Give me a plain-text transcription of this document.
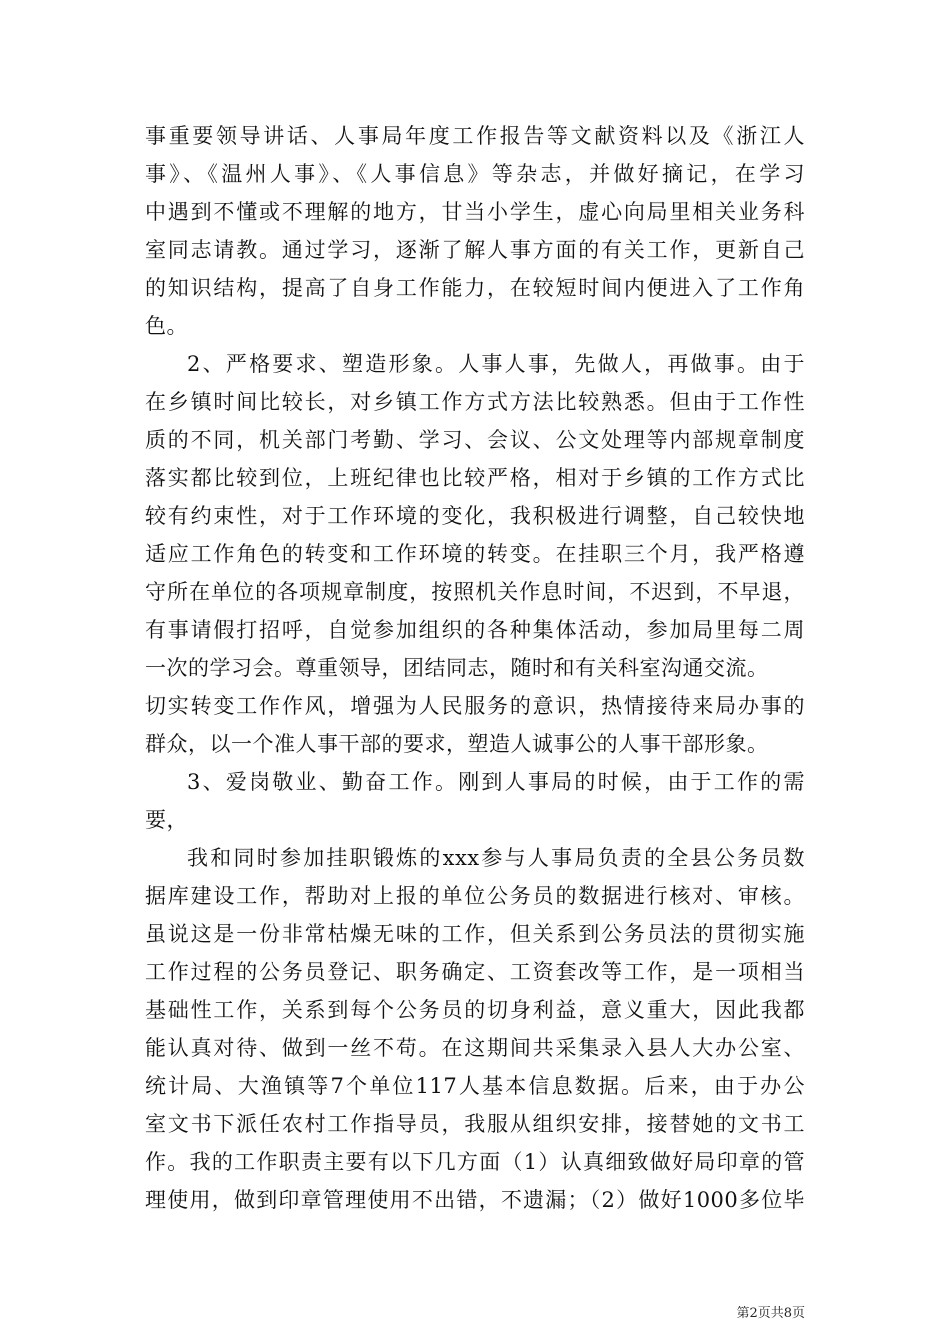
事重要领导讲话、人事局年度工作报告等文献资料以及《浙江人
事》、《温州人事》、《人事信息》等杂志，并做好摘记，在学习
中遇到不懂或不理解的地方，甘当小学生，虚心向局里相关业务科
室同志请教。通过学习，逐渐了解人事方面的有关工作，更新自己
的知识结构，提高了自身工作能力，在较短时间内便进入了工作角
色。
2、严格要求、塑造形象。人事人事，先做人，再做事。由于
在乡镇时间比较长，对乡镇工作方式方法比较熟悉。但由于工作性
质的不同，机关部门考勤、学习、会议、公文处理等内部规章制度
落实都比较到位，上班纪律也比较严格，相对于乡镇的工作方式比
较有约束性，对于工作环境的变化，我积极进行调整，自己较快地
适应工作角色的转变和工作环境的转变。在挂职三个月，我严格遵
守所在单位的各项规章制度，按照机关作息时间，不迟到，不早退，
有事请假打招呼，自觉参加组织的各种集体活动，参加局里每二周
一次的学习会。尊重领导，团结同志，随时和有关科室沟通交流。
切实转变工作作风，增强为人民服务的意识，热情接待来局办事的
群众，以一个准人事干部的要求，塑造人诚事公的人事干部形象。
3、爱岗敬业、勤奋工作。刚到人事局的时候，由于工作的需
要，
我和同时参加挂职锻炼的xxx参与人事局负责的全县公务员数
据库建设工作，帮助对上报的单位公务员的数据进行核对、审核。
虽说这是一份非常枯燥无味的工作，但关系到公务员法的贯彻实施
工作过程的公务员登记、职务确定、工资套改等工作，是一项相当
基础性工作，关系到每个公务员的切身利益，意义重大，因此我都
能认真对待、做到一丝不苟。在这期间共采集录入县人大办公室、
统计局、大渔镇等7个单位117人基本信息数据。后来，由于办公
室文书下派任农村工作指导员，我服从组织安排，接替她的文书工
作。我的工作职责主要有以下几方面（1）认真细致做好局印章的管
理使用，做到印章管理使用不出错，不遗漏；（2）做好1000多位毕
第2页共8页
